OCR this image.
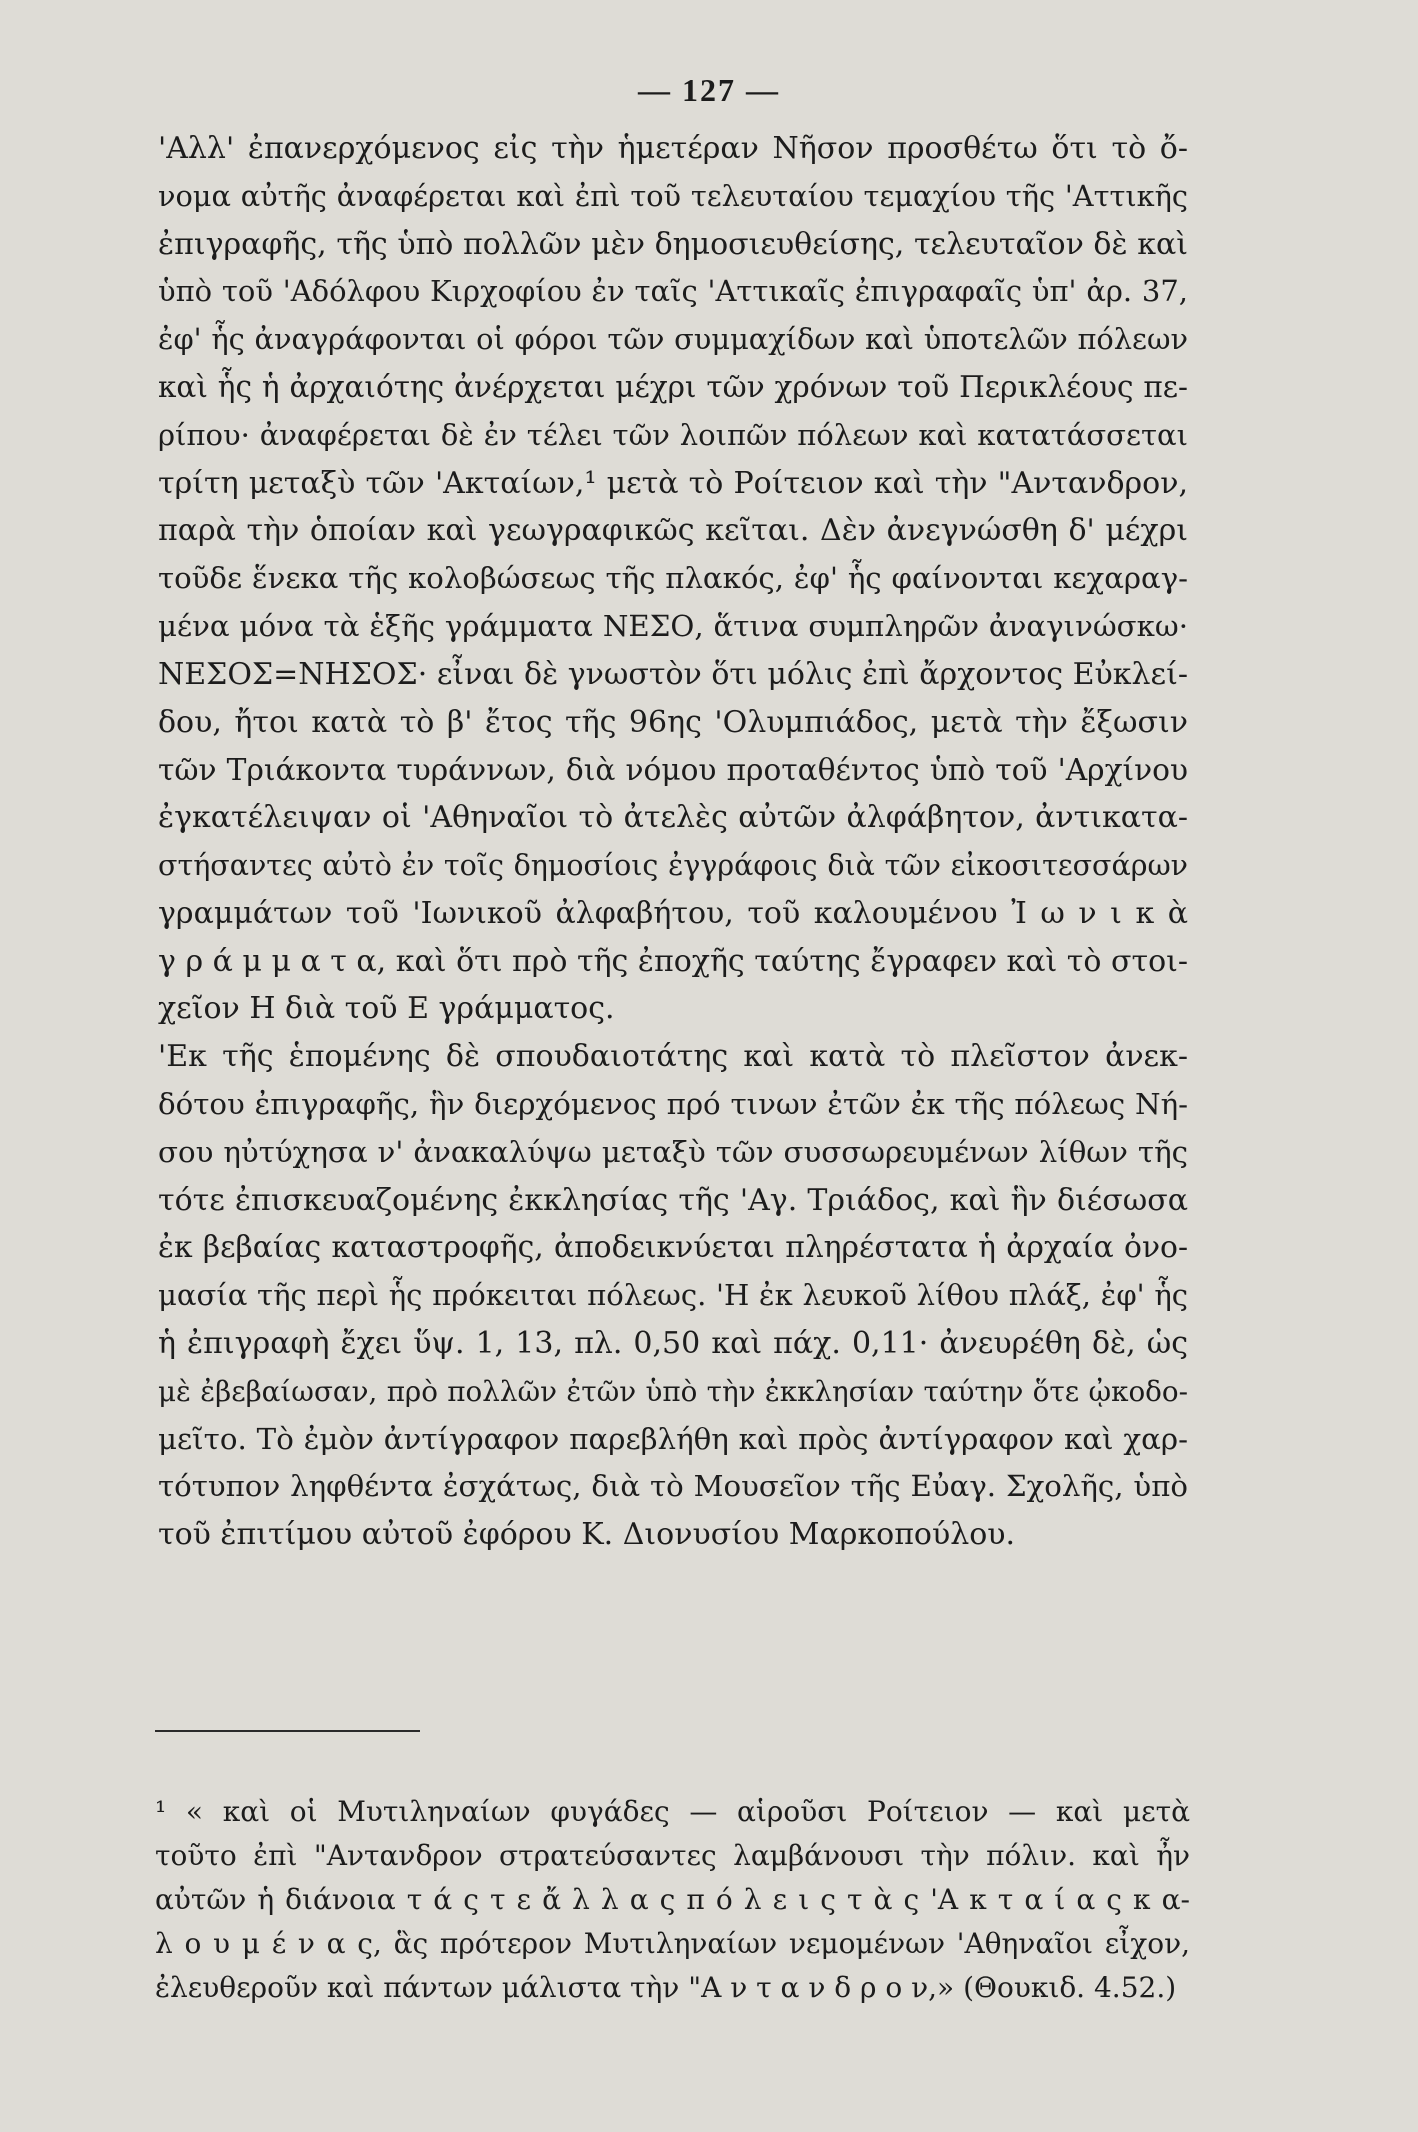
— 127 —
'Αλλ' ἐπανερχόμενος εἰς τὴν ἡμετέραν Νῆσον προσθέτω ὅτι τὸ ὄ-
νομα αὐτῆς ἀναφέρεται καὶ ἐπὶ τοῦ τελευταίου τεμαχίου τῆς 'Αττικῆς
ἐπιγραφῆς, τῆς ὑπὸ πολλῶν μὲν δημοσιευθείσης, τελευταῖον δὲ καὶ
ὑπὸ τοῦ 'Αδόλφου Κιρχοφίου ἐν ταῖς 'Αττικαῖς ἐπιγραφαῖς ὑπ' ἀρ. 37,
ἐφ' ἧς ἀναγράφονται οἱ φόροι τῶν συμμαχίδων καὶ ὑποτελῶν πόλεων
καὶ ἧς ἡ ἀρχαιότης ἀνέρχεται μέχρι τῶν χρόνων τοῦ Περικλέους πε-
ρίπου· ἀναφέρεται δὲ ἐν τέλει τῶν λοιπῶν πόλεων καὶ κατατάσσεται
τρίτη μεταξὺ τῶν 'Ακταίων,¹ μετὰ τὸ Ροίτειον καὶ τὴν "Αντανδρον,
παρὰ τὴν ὁποίαν καὶ γεωγραφικῶς κεῖται. Δὲν ἀνεγνώσθη δ' μέχρι
τοῦδε ἕνεκα τῆς κολοβώσεως τῆς πλακός, ἐφ' ἧς φαίνονται κεχαραγ-
μένα μόνα τὰ ἑξῆς γράμματα ΝΕΣΟ, ἅτινα συμπληρῶν ἀναγινώσκω·
ΝΕΣΟΣ=ΝΗΣΟΣ· εἶναι δὲ γνωστὸν ὅτι μόλις ἐπὶ ἄρχοντος Εὐκλεί-
δου, ἤτοι κατὰ τὸ β' ἔτος τῆς 96ης 'Ολυμπιάδος, μετὰ τὴν ἔξωσιν
τῶν Τριάκοντα τυράννων, διὰ νόμου προταθέντος ὑπὸ τοῦ 'Αρχίνου
ἐγκατέλειψαν οἱ 'Αθηναῖοι τὸ ἀτελὲς αὐτῶν ἀλφάβητον, ἀντικατα-
στήσαντες αὐτὸ ἐν τοῖς δημοσίοις ἐγγράφοις διὰ τῶν εἰκοσιτεσσάρων
γραμμάτων τοῦ 'Ιωνικοῦ ἀλφαβήτου, τοῦ καλουμένου Ἰ ω ν ι κ ὰ
γ ρ ά μ μ α τ α, καὶ ὅτι πρὸ τῆς ἐποχῆς ταύτης ἔγραφεν καὶ τὸ στοι-
χεῖον Η διὰ τοῦ Ε γράμματος.
'Εκ τῆς ἑπομένης δὲ σπουδαιοτάτης καὶ κατὰ τὸ πλεῖστον ἀνεκ-
δότου ἐπιγραφῆς, ἣν διερχόμενος πρό τινων ἐτῶν ἐκ τῆς πόλεως Νή-
σου ηὐτύχησα ν' ἀνακαλύψω μεταξὺ τῶν συσσωρευμένων λίθων τῆς
τότε ἐπισκευαζομένης ἐκκλησίας τῆς 'Αγ. Τριάδος, καὶ ἣν διέσωσα
ἐκ βεβαίας καταστροφῆς, ἀποδεικνύεται πληρέστατα ἡ ἀρχαία ὀνο-
μασία τῆς περὶ ἧς πρόκειται πόλεως. 'Η ἐκ λευκοῦ λίθου πλάξ, ἐφ' ἧς
ἡ ἐπιγραφὴ ἔχει ὕψ. 1, 13, πλ. 0,50 καὶ πάχ. 0,11· ἀνευρέθη δὲ, ὡς
μὲ ἐβεβαίωσαν, πρὸ πολλῶν ἐτῶν ὑπὸ τὴν ἐκκλησίαν ταύτην ὅτε ᾠκοδο-
μεῖτο. Τὸ ἐμὸν ἀντίγραφον παρεβλήθη καὶ πρὸς ἀντίγραφον καὶ χαρ-
τότυπον ληφθέντα ἐσχάτως, διὰ τὸ Μουσεῖον τῆς Εὐαγ. Σχολῆς, ὑπὸ
τοῦ ἐπιτίμου αὐτοῦ ἐφόρου Κ. Διονυσίου Μαρκοπούλου.
¹ « καὶ οἱ Μυτιληναίων φυγάδες — αἱροῦσι Ροίτειον — καὶ μετὰ
τοῦτο ἐπὶ "Αντανδρον στρατεύσαντες λαμβάνουσι τὴν πόλιν. καὶ ἦν
αὐτῶν ἡ διάνοια τ ά ς τ ε ἄ λ λ α ς π ό λ ε ι ς τ ὰ ς 'Α κ τ α ί α ς κ α-
λ ο υ μ έ ν α ς, ἃς πρότερον Μυτιληναίων νεμομένων 'Αθηναῖοι εἶχον,
ἐλευθεροῦν καὶ πάντων μάλιστα τὴν "Α ν τ α ν δ ρ ο ν,» (Θουκιδ. 4.52.)
